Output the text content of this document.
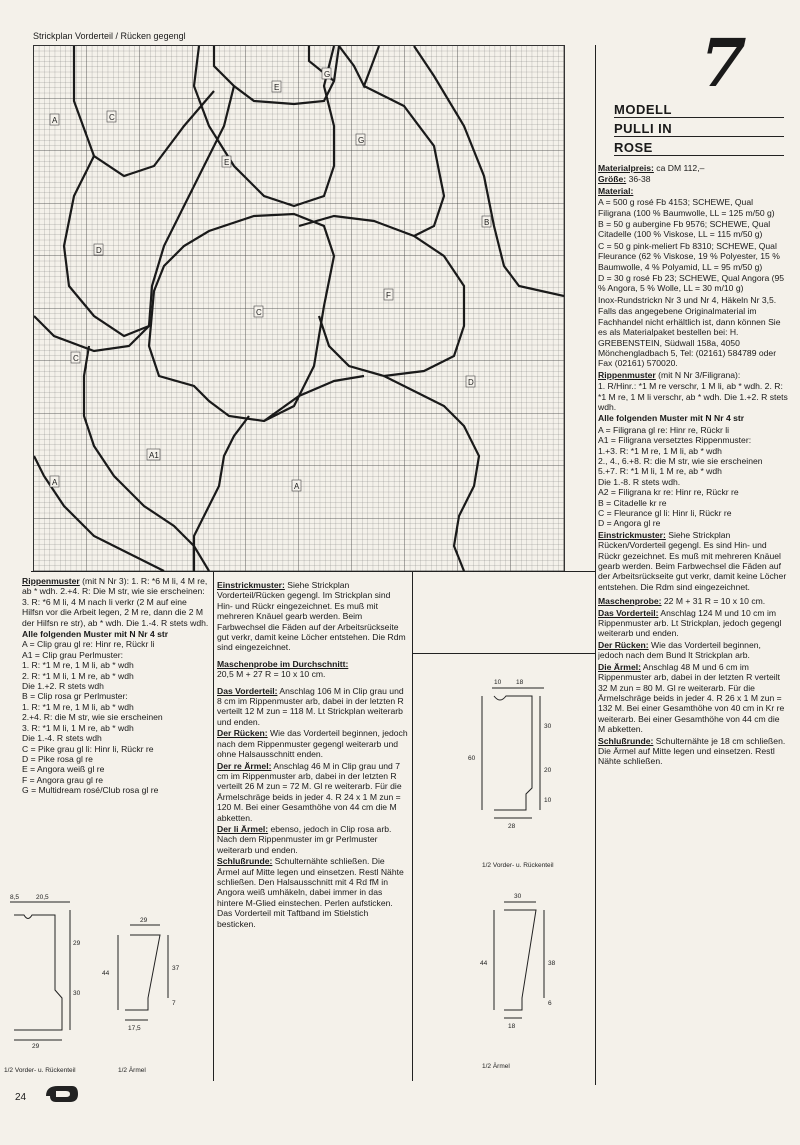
Strickplan Vorderteil / Rücken gegengl
A	C
E
G
E
G
B
D
C
F
C
D
A1
A	A
7
MODELL
PULLI IN
ROSE
Materialpreis: ca DM 112,–
Größe: 36-38
Material:
A = 500 g rosé Fb 4153; SCHEWE, Qual Filigrana (100 % Baumwolle, LL = 125 m/50 g)
B = 50 g aubergine Fb 9576; SCHEWE, Qual Citadelle (100 % Viskose, LL = 115 m/50 g)
C = 50 g pink-meliert Fb 8310; SCHEWE, Qual Fleurance (62 % Viskose, 19 % Polyester, 15 % Baumwolle, 4 % Polyamid, LL = 95 m/50 g)
D = 30 g rosé Fb 23; SCHEWE, Qual Angora (95 % Angora, 5 % Wolle, LL = 30 m/10 g)
Inox-Rundstrickn Nr 3 und Nr 4, Häkeln Nr 3,5.
Falls das angegebene Originalmaterial im Fachhandel nicht erhältlich ist, dann können Sie es als Materialpaket bestellen bei: H. GREBENSTEIN, Südwall 158a, 4050 Mönchengladbach 5, Tel: (02161) 584789 oder Fax (02161) 570020.
Rippenmuster (mit N Nr 3/Filigrana):
1. R/Hinr.: *1 M re verschr, 1 M li, ab * wdh. 2. R: *1 M re, 1 M li verschr, ab * wdh. Die 1.+2. R stets wdh.
Alle folgenden Muster mit N Nr 4 str
A = Filigrana gl re: Hinr re, Rückr li
A1 = Filigrana versetztes Rippenmuster:
1.+3. R: *1 M re, 1 M li, ab * wdh
2., 4., 6.+8. R: die M str, wie sie erscheinen
5.+7. R: *1 M li, 1 M re, ab * wdh
Die 1.-8. R stets wdh.
A2 = Filigrana kr re: Hinr re, Rückr re
B = Citadelle kr re
C = Fleurance gl li: Hinr li, Rückr re
D = Angora gl re
Einstrickmuster: Siehe Strickplan Rücken/Vorderteil gegengl. Es sind Hin- und Rückr gezeichnet. Es muß mit mehreren Knäuel gearb werden. Beim Farbwechsel die Fäden auf der Arbeitsrückseite gut verkr, damit keine Löcher entstehen. Die Rdm sind eingezeichnet.
Maschenprobe: 22 M + 31 R = 10 x 10 cm.
Das Vorderteil: Anschlag 124 M und 10 cm im Rippenmuster arb. Lt Strickplan, jedoch gegengl weiterarb und enden.
Der Rücken: Wie das Vorderteil beginnen, jedoch nach dem Bund lt Strickplan arb.
Die Ärmel: Anschlag 48 M und 6 cm im Rippenmuster arb, dabei in der letzten R verteilt 32 M zun = 80 M. Gl re weiterarb. Für die Ärmelschräge beids in jeder 4. R 26 x 1 M zun = 132 M. Bei einer Gesamthöhe von 40 cm in Kr re weiterarb. Bei einer Gesamthöhe von 44 cm die M abketten.
Schlußrunde: Schulternähte je 18 cm schließen. Die Ärmel auf Mitte legen und einsetzen. Restl Nähte schließen.
Rippenmuster (mit N Nr 3): 1. R: *6 M li, 4 M re, ab * wdh. 2.+4. R: Die M str, wie sie erscheinen: 3. R: *6 M li, 4 M nach li verkr (2 M auf eine Hilfsn vor die Arbeit legen, 2 M re, dann die 2 M der Hilfsn re str), ab * wdh. Die 1.-4. R stets wdh.
Alle folgenden Muster mit N Nr 4 str
A = Clip grau gl re: Hinr re, Rückr li
A1 = Clip grau Perlmuster:
1. R: *1 M re, 1 M li, ab * wdh
2. R: *1 M li, 1 M re, ab * wdh
Die 1.+2. R stets wdh
B = Clip rosa gr Perlmuster:
1. R: *1 M re, 1 M li, ab * wdh
2.+4. R: die M str, wie sie erscheinen
3. R: *1 M li, 1 M re, ab * wdh
Die 1.-4. R stets wdh
C = Pike grau gl li: Hinr li, Rückr re
D = Pike rosa gl re
E = Angora weiß gl re
F = Angora grau gl re
G = Multidream rosé/Club rosa gl re
Einstrickmuster: Siehe Strickplan Vorderteil/Rücken gegengl. Im Strickplan sind Hin- und Rückr eingezeichnet. Es muß mit mehreren Knäuel gearb werden. Beim Farbwechsel die Fäden auf der Arbeitsrückseite gut verkr, damit keine Löcher entstehen. Die Rdm sind eingezeichnet.
Maschenprobe im Durchschnitt:
20,5 M + 27 R = 10 x 10 cm.
Das Vorderteil: Anschlag 106 M in Clip grau und 8 cm im Rippenmuster arb, dabei in der letzten R verteilt 12 M zun = 118 M. Lt Strickplan weiterarb und enden.
Der Rücken: Wie das Vorderteil beginnen, jedoch nach dem Rippenmuster gegengl weiterarb und ohne Halsausschnitt enden.
Der re Ärmel: Anschlag 46 M in Clip grau und 7 cm im Rippenmuster arb, dabei in der letzten R verteilt 26 M zun = 72 M. Gl re weiterarb. Für die Ärmelschräge beids in jeder 4. R 24 x 1 M zun = 120 M. Bei einer Gesamthöhe von 44 cm die M abketten.
Der li Ärmel: ebenso, jedoch in Clip rosa arb. Nach dem Rippenmuster im gr Perlmuster weiterarb und enden.
Schlußrunde: Schulternähte schließen. Die Ärmel auf Mitte legen und einsetzen. Restl Nähte schließen. Den Halsausschnitt mit 4 Rd fM in Angora weiß umhäkeln, dabei immer in das hintere M-Glied einstechen. Perlen aufsticken. Das Vorderteil mit Taftband im Stielstich besticken.
8,5	20,5
29
30
29
29
44
37
7
17,5
1/2 Vorder- u. Rückenteil	1/2 Ärmel
10 18
60
30
20
10
28
1/2 Vorder- u. Rückenteil
30
44	38
6
18
1/2 Ärmel
24
